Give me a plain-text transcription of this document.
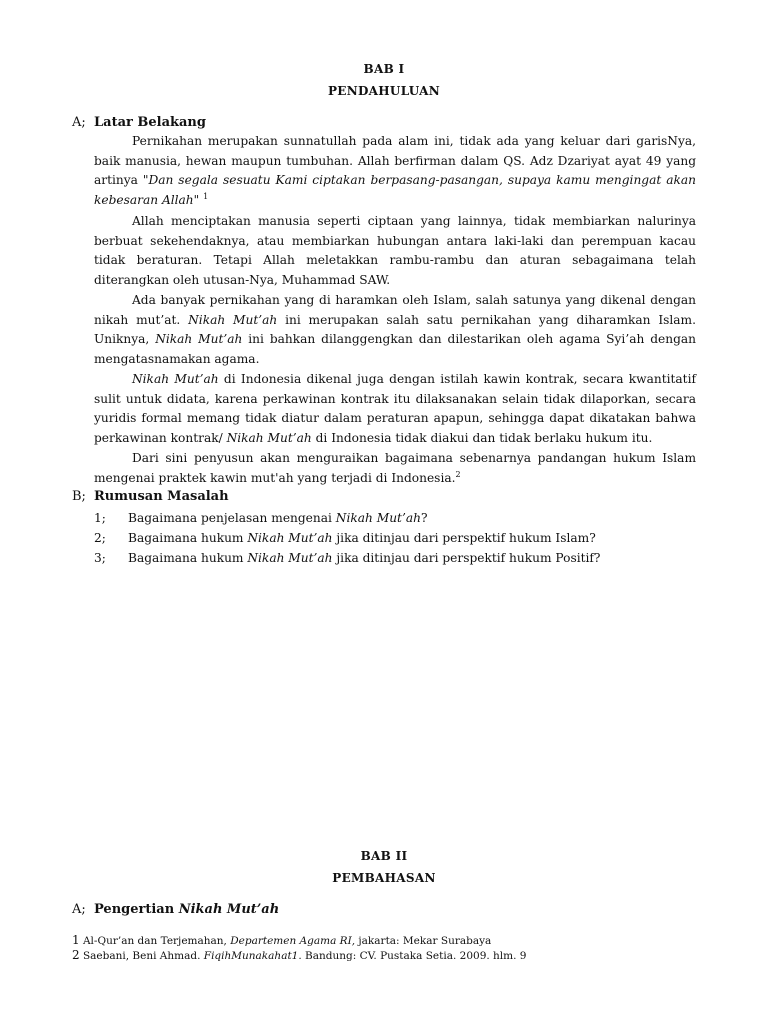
BAB I
PENDAHULUAN
A; Latar Belakang

Pernikahan merupakan sunnatullah pada alam ini, tidak ada yang keluar dari garisNya, baik manusia, hewan maupun tumbuhan. Allah berfirman dalam QS. Adz Dzariyat ayat 49 yang artinya "Dan segala sesuatu Kami ciptakan berpasang-pasangan, supaya kamu mengingat akan kebesaran Allah" $^1$

Allah menciptakan manusia seperti ciptaan yang lainnya, tidak membiarkan nalurinya berbuat sekehendaknya, atau membiarkan hubungan antara laki-laki dan perempuan kacau tidak beraturan. Tetapi Allah meletakkan rambu-rambu dan aturan sebagaimana telah diterangkan oleh utusan-Nya, Muhammad SAW.

Ada banyak pernikahan yang di haramkan oleh Islam, salah satunya yang dikenal dengan nikah mut’at. Nikah Mut’ah ini merupakan salah satu pernikahan yang diharamkan Islam. Uniknya, Nikah Mut’ah ini bahkan dilanggengkan dan dilestarikan oleh agama Syi’ah dengan mengatasnamakan agama.

Nikah Mut’ah di Indonesia dikenal juga dengan istilah kawin kontrak, secara kwantitatif sulit untuk didata, karena perkawinan kontrak itu dilaksanakan selain tidak dilaporkan, secara yuridis formal memang tidak diatur dalam peraturan apapun, sehingga dapat dikatakan bahwa perkawinan kontrak/ Nikah Mut’ah di Indonesia tidak diakui dan tidak berlaku hukum itu.

Dari sini penyusun akan menguraikan bagaimana sebenarnya pandangan hukum Islam mengenai praktek kawin mut'ah yang terjadi di Indonesia.$^2$

B; Rumusan Masalah
1;	Bagaimana penjelasan mengenai Nikah Mut’ah?
2;	Bagaimana hukum Nikah Mut’ah jika ditinjau dari perspektif hukum Islam?
3;	Bagaimana hukum Nikah Mut’ah jika ditinjau dari perspektif hukum Positif?
BAB II
PEMBAHASAN
A; Pengertian Nikah Mut’ah
1 Al-Qur’an dan Terjemahan, Departemen Agama RI, jakarta: Mekar Surabaya
2 Saebani, Beni Ahmad. FiqihMunakahat1. Bandung: CV. Pustaka Setia. 2009. hlm. 9
